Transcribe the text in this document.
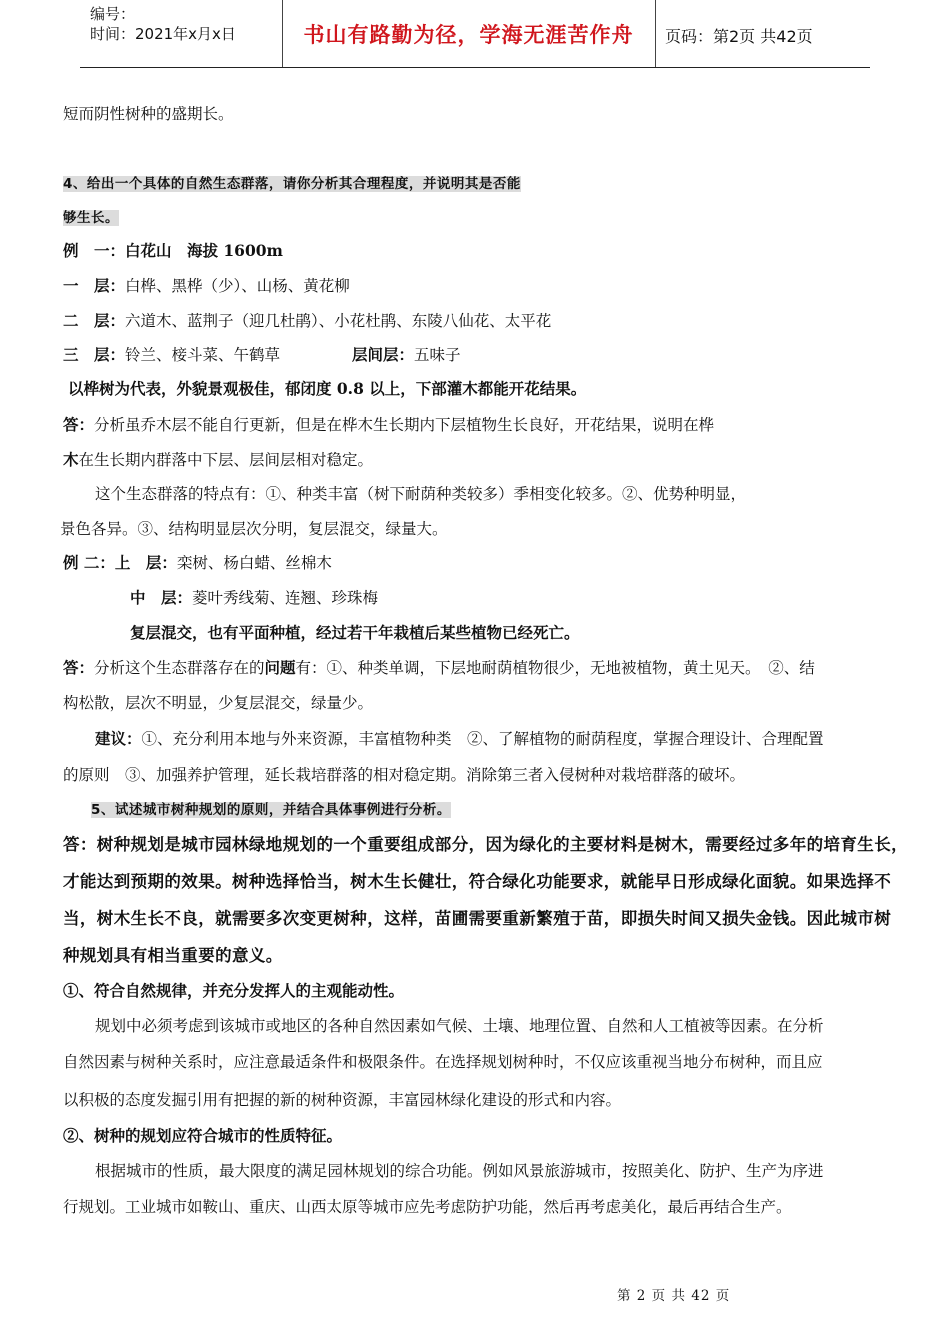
编号：
时间：2021年x月x日	书山有路勤为径，学海无涯苦作舟	页码：第2页 共42页
短而阴性树种的盛期长。
4、给出一个具体的自然生态群落，请你分析其合理程度，并说明其是否能
够生长。
例　一：白花山　海拔 1600m
一　层：白桦、黑桦（少）、山杨、黄花柳
二　层：六道木、蓝荆子（迎几杜鹃）、小花杜鹃、东陵八仙花、太平花
三　层：铃兰、椄斗菜、午鹤草	层间层：五味子
以桦树为代表，外貌景观极佳，郁闭度 0.8 以上，下部灌木都能开花结果。
答：分析虽乔木层不能自行更新，但是在桦木生长期内下层植物生长良好，开花结果，说明在桦
木在生长期内群落中下层、层间层相对稳定。
这个生态群落的特点有：①、种类丰富（树下耐荫种类较多）季相变化较多。②、优势种明显，
景色各异。③、结构明显层次分明，复层混交，绿量大。
例 二：上　层：栾树、杨白蜡、丝棉木
中　层：菱叶秀线菊、连翘、珍珠梅
复层混交，也有平面种植，经过若干年栽植后某些植物已经死亡。
答：分析这个生态群落存在的问题有：①、种类单调，下层地耐荫植物很少，无地被植物，黄土见天。　②、结
构松散，层次不明显，少复层混交，绿量少。
建议：①、充分利用本地与外来资源，丰富植物种类　②、了解植物的耐荫程度，掌握合理设计、合理配置
的原则　③、加强养护管理，延长栽培群落的相对稳定期。消除第三者入侵树种对栽培群落的破坏。
5、试述城市树种规划的原则，并结合具体事例进行分析。
答：树种规划是城市园林绿地规划的一个重要组成部分，因为绿化的主要材料是树木，需要经过多年的培育生长，
才能达到预期的效果。树种选择恰当，树木生长健壮，符合绿化功能要求，就能早日形成绿化面貌。如果选择不
当，树木生长不良，就需要多次变更树种，这样，苗圃需要重新繁殖于苗，即损失时间又损失金钱。因此城市树
种规划具有相当重要的意义。
①、符合自然规律，并充分发挥人的主观能动性。
规划中必须考虑到该城市或地区的各种自然因素如气候、土壤、地理位置、自然和人工植被等因素。在分析
自然因素与树种关系时，应注意最适条件和极限条件。在选择规划树种时，不仅应该重视当地分布树种，而且应
以积极的态度发掘引用有把握的新的树种资源，丰富园林绿化建设的形式和内容。
②、树种的规划应符合城市的性质特征。
根据城市的性质，最大限度的满足园林规划的综合功能。例如风景旅游城市，按照美化、防护、生产为序进
行规划。工业城市如鞍山、重庆、山西太原等城市应先考虑防护功能，然后再考虑美化，最后再结合生产。
第 2 页 共 42 页
